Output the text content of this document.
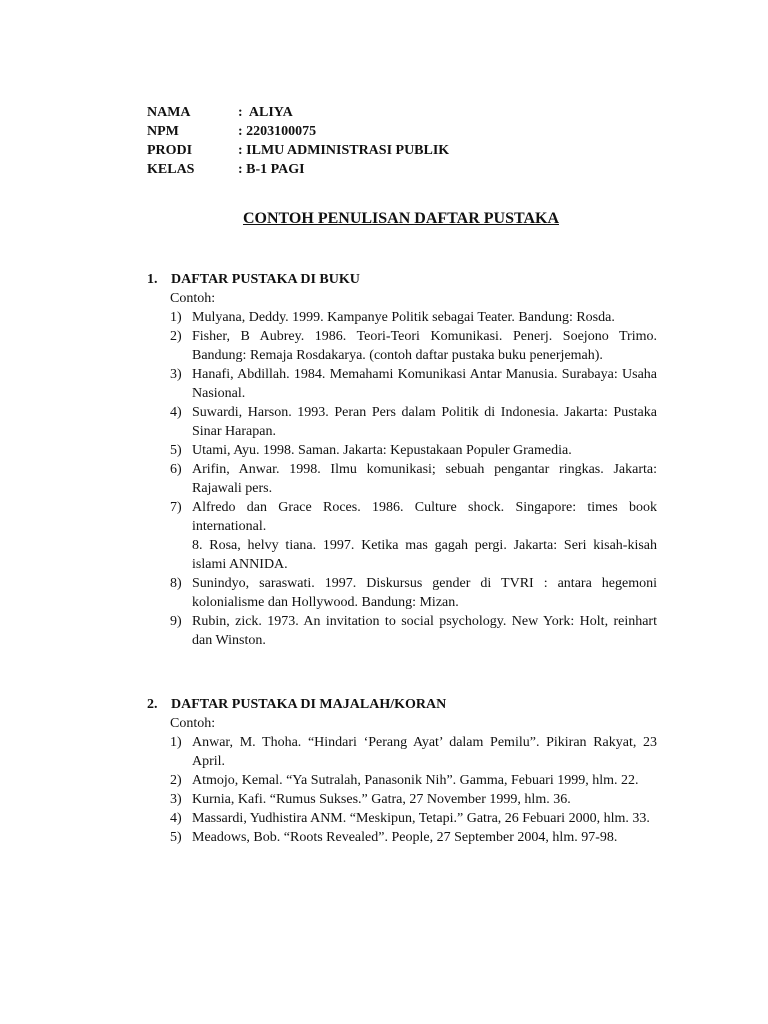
NAMA	:  ALIYA
NPM	: 2203100075
PRODI	: ILMU ADMINISTRASI PUBLIK
KELAS	: B-1 PAGI
CONTOH PENULISAN DAFTAR PUSTAKA
1. DAFTAR PUSTAKA DI BUKU
Contoh:
1) Mulyana, Deddy. 1999. Kampanye Politik sebagai Teater. Bandung: Rosda.
2) Fisher, B Aubrey. 1986. Teori-Teori Komunikasi. Penerj. Soejono Trimo. Bandung: Remaja Rosdakarya. (contoh daftar pustaka buku penerjemah).
3) Hanafi, Abdillah. 1984. Memahami Komunikasi Antar Manusia. Surabaya: Usaha Nasional.
4) Suwardi, Harson. 1993. Peran Pers dalam Politik di Indonesia. Jakarta: Pustaka Sinar Harapan.
5) Utami, Ayu. 1998. Saman. Jakarta: Kepustakaan Populer Gramedia.
6) Arifin, Anwar. 1998. Ilmu komunikasi; sebuah pengantar ringkas. Jakarta: Rajawali pers.
7) Alfredo dan Grace Roces. 1986. Culture shock. Singapore: times book international.
8. Rosa, helvy tiana. 1997. Ketika mas gagah pergi. Jakarta: Seri kisah-kisah islami ANNIDA.
8) Sunindyo, saraswati. 1997. Diskursus gender di TVRI : antara hegemoni kolonialisme dan Hollywood. Bandung: Mizan.
9) Rubin, zick. 1973. An invitation to social psychology. New York: Holt, reinhart dan Winston.
2. DAFTAR PUSTAKA DI MAJALAH/KORAN
Contoh:
1) Anwar, M. Thoha. “Hindari ‘Perang Ayat’ dalam Pemilu”. Pikiran Rakyat, 23 April.
2) Atmojo, Kemal. “Ya Sutralah, Panasonik Nih”. Gamma, Febuari 1999, hlm. 22.
3) Kurnia, Kafi. “Rumus Sukses.” Gatra, 27 November 1999, hlm. 36.
4) Massardi, Yudhistira ANM. “Meskipun, Tetapi.” Gatra, 26 Febuari 2000, hlm. 33.
5) Meadows, Bob. “Roots Revealed”. People, 27 September 2004, hlm. 97-98.
